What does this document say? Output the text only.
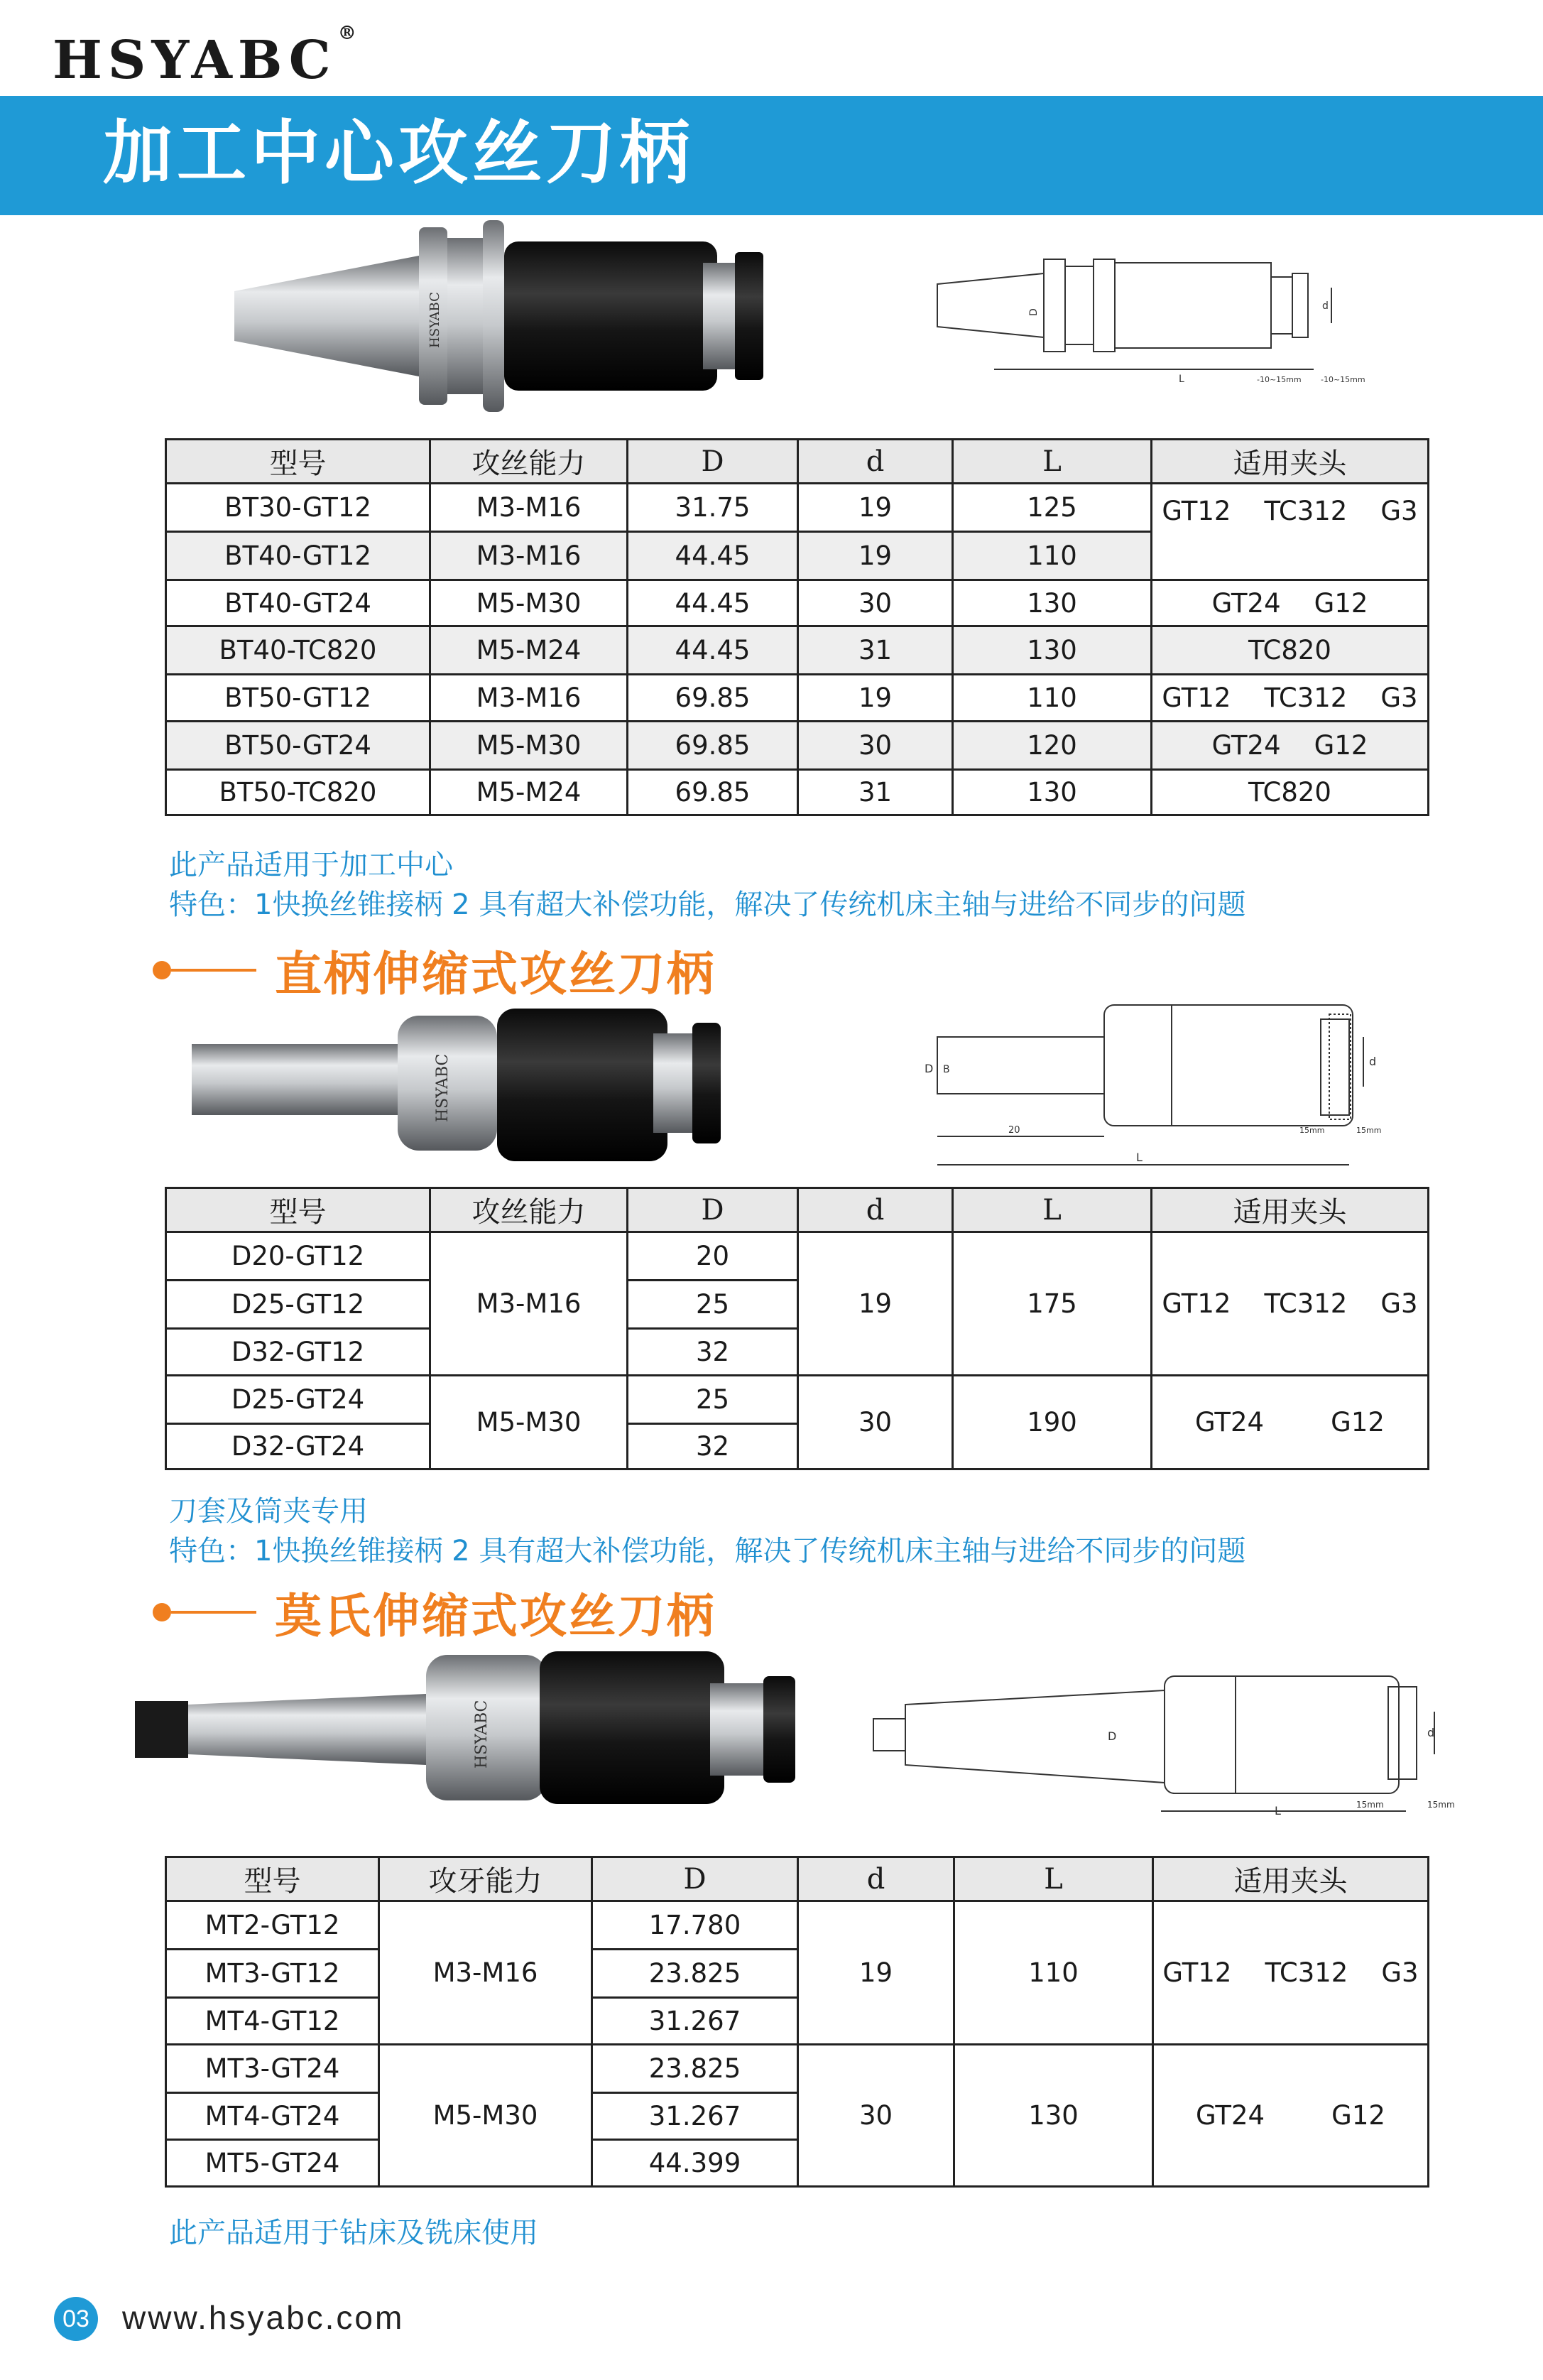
HSYABC®
加工中心攻丝刀柄
HSYABC	D
d
L	-10~15mm -10~15mm
型号	攻丝能力	D	d	L	适用夹头
BT30-GT12	M3-M16	31.75	19	125	GT12    TC312    G3
BT40-GT12	M3-M16	44.45	19	110	
BT40-GT24	M5-M30	44.45	30	130	GT24    G12
BT40-TC820	M5-M24	44.45	31	130	TC820
BT50-GT12	M3-M16	69.85	19	110	GT12    TC312    G3
BT50-GT24	M5-M30	69.85	30	120	GT24    G12
BT50-TC820	M5-M24	69.85	31	130	TC820
此产品适用于加工中心
特色：1快换丝锥接柄 2 具有超大补偿功能，解决了传统机床主轴与进给不同步的问题
直柄伸缩式攻丝刀柄
HSYABC	D B
d
20
L
15mm	15mm
型号	攻丝能力	D	d	L	适用夹头
D20-GT12	M3-M16	20	19	175	GT12    TC312    G3
D25-GT12		25			
D32-GT12		32			
D25-GT24	M5-M30	25	30	190	GT24        G12
D32-GT24		32			
刀套及筒夹专用
特色：1快换丝锥接柄 2 具有超大补偿功能，解决了传统机床主轴与进给不同步的问题
莫氏伸缩式攻丝刀柄
HSYABC	D	d
L	15mm	15mm
型号	攻牙能力	D	d	L	适用夹头
MT2-GT12	M3-M16	17.780	19	110	GT12    TC312    G3
MT3-GT12		23.825			
MT4-GT12		31.267			
MT3-GT24	M5-M30	23.825	30	130	GT24        G12
MT4-GT24		31.267			
MT5-GT24		44.399			
此产品适用于钻床及铣床使用
03 www.hsyabc.com
